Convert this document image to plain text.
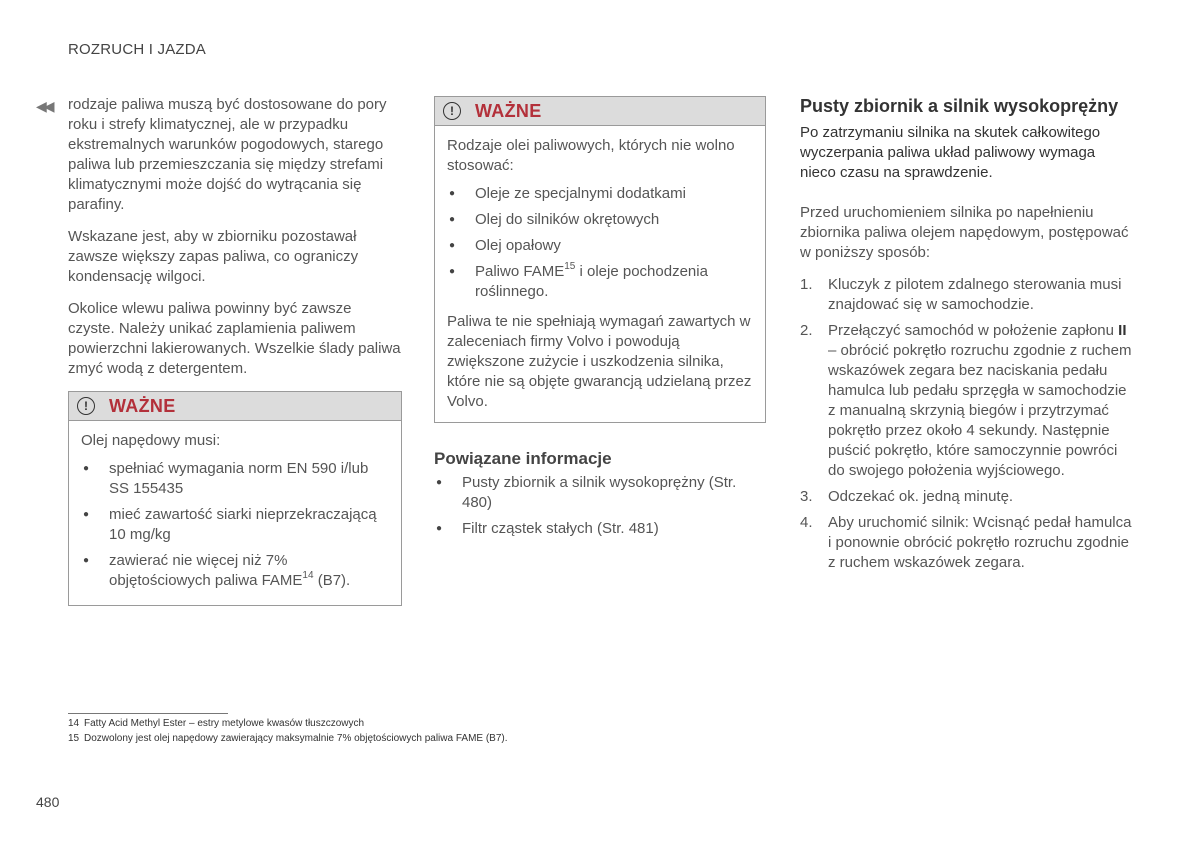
ROZRUCH I JAZDA
◀◀ rodzaje paliwa muszą być dostosowane do pory roku i strefy klimatycznej, ale w przypadku ekstremalnych warunków pogodowych, starego paliwa lub przemieszczania się między strefami klimatycznymi może dojść do wytrącania się parafiny.

Wskazane jest, aby w zbiorniku pozostawał zawsze większy zapas paliwa, co ograniczy kondensację wilgoci.

Okolice wlewu paliwa powinny być zawsze czyste. Należy unikać zaplamienia paliwem powierzchni lakierowanych. Wszelkie ślady paliwa zmyć wodą z detergentem.

!	WAŻNE

Olej napędowy musi:

● spełniać wymagania norm EN 590 i/lub SS 155435
● mieć zawartość siarki nieprzekraczającą 10 mg/kg
● zawierać nie więcej niż 7% objętościowych paliwa FAME$^{14}$ (B7).
!	WAŻNE

Rodzaje olei paliwowych, których nie wolno stosować:

● Oleje ze specjalnymi dodatkami
● Olej do silników okrętowych
● Olej opałowy
● Paliwo FAME$^{15}$ i oleje pochodzenia roślinnego.

Paliwa te nie spełniają wymagań zawartych w zaleceniach firmy Volvo i powodują zwiększone zużycie i uszkodzenia silnika, które nie są objęte gwarancją udzielaną przez Volvo.

Powiązane informacje
● Pusty zbiornik a silnik wysokoprężny (Str. 480)
● Filtr cząstek stałych (Str. 481)
Pusty zbiornik a silnik wysokoprężny

Po zatrzymaniu silnika na skutek całkowitego wyczerpania paliwa układ paliwowy wymaga nieco czasu na sprawdzenie.

Przed uruchomieniem silnika po napełnieniu zbiornika paliwa olejem napędowym, postępować w poniższy sposób:

1. Kluczyk z pilotem zdalnego sterowania musi znajdować się w samochodzie.
2. Przełączyć samochód w położenie zapłonu II – obrócić pokrętło rozruchu zgodnie z ruchem wskazówek zegara bez naciskania pedału hamulca lub pedału sprzęgła w samochodzie z manualną skrzynią biegów i przytrzymać pokrętło przez około 4 sekundy. Następnie puścić pokrętło, które samoczynnie powróci do swojego położenia wyjściowego.
3. Odczekać ok. jedną minutę.
4. Aby uruchomić silnik: Wcisnąć pedał hamulca i ponownie obrócić pokrętło rozruchu zgodnie z ruchem wskazówek zegara.
14 Fatty Acid Methyl Ester – estry metylowe kwasów tłuszczowych
15 Dozwolony jest olej napędowy zawierający maksymalnie 7% objętościowych paliwa FAME (B7).
480
